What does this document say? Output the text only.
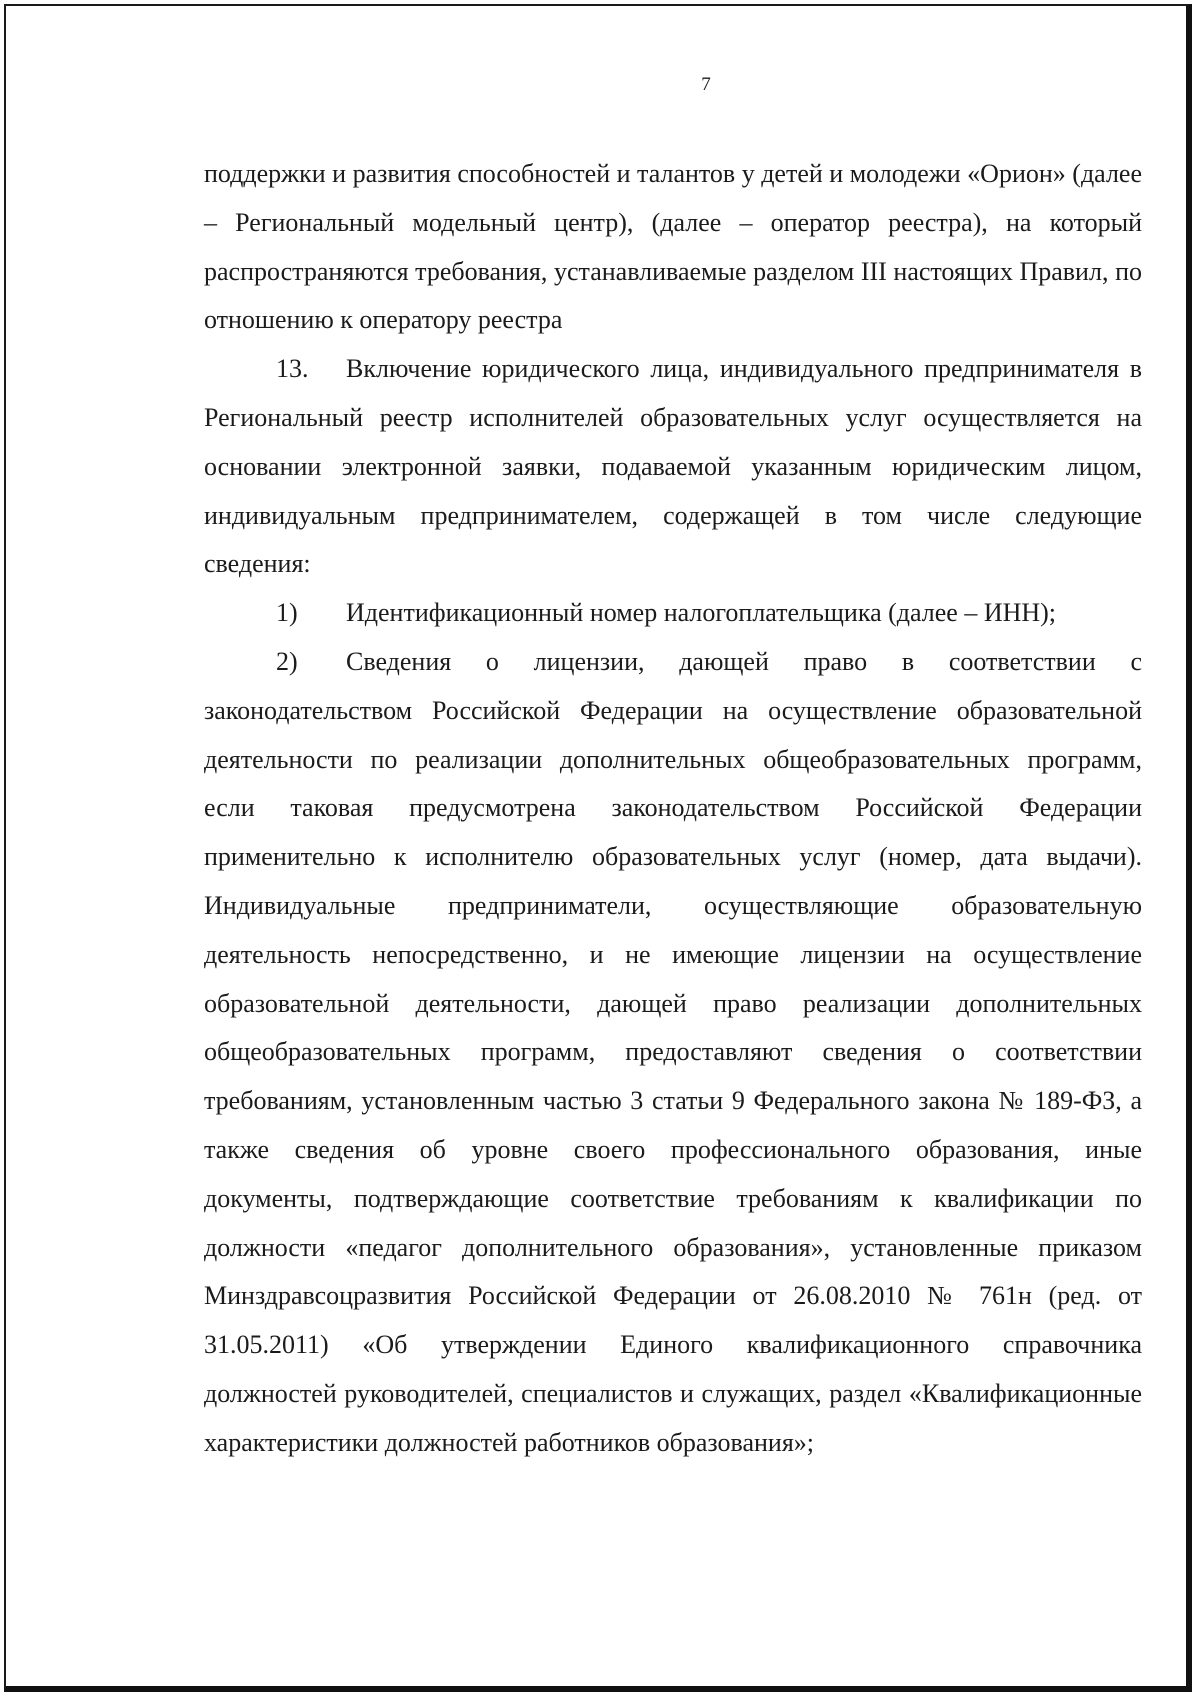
7

поддержки и развития способностей и талантов у детей и молодежи «Орион» (далее – Региональный модельный центр), (далее – оператор реестра), на который распространяются требования, устанавливаемые разделом III настоящих Правил, по отношению к оператору реестра

13. Включение юридического лица, индивидуального предпринимателя в Региональный реестр исполнителей образовательных услуг осуществляется на основании электронной заявки, подаваемой указанным юридическим лицом, индивидуальным предпринимателем, содержащей в том числе следующие сведения:

1) Идентификационный номер налогоплательщика (далее – ИНН);

2) Сведения о лицензии, дающей право в соответствии с законодательством Российской Федерации на осуществление образовательной деятельности по реализации дополнительных общеобразовательных программ, если таковая предусмотрена законодательством Российской Федерации применительно к исполнителю образовательных услуг (номер, дата выдачи). Индивидуальные предприниматели, осуществляющие образовательную деятельность непосредственно, и не имеющие лицензии на осуществление образовательной деятельности, дающей право реализации дополнительных общеобразовательных программ, предоставляют сведения о соответствии требованиям, установленным частью 3 статьи 9 Федерального закона № 189-ФЗ, а также сведения об уровне своего профессионального образования, иные документы, подтверждающие соответствие требованиям к квалификации по должности «педагог дополнительного образования», установленные приказом Минздравсоцразвития Российской Федерации от 26.08.2010 № 761н (ред. от 31.05.2011) «Об утверждении Единого квалификационного справочника должностей руководителей, специалистов и служащих, раздел «Квалификационные характеристики должностей работников образования»;
